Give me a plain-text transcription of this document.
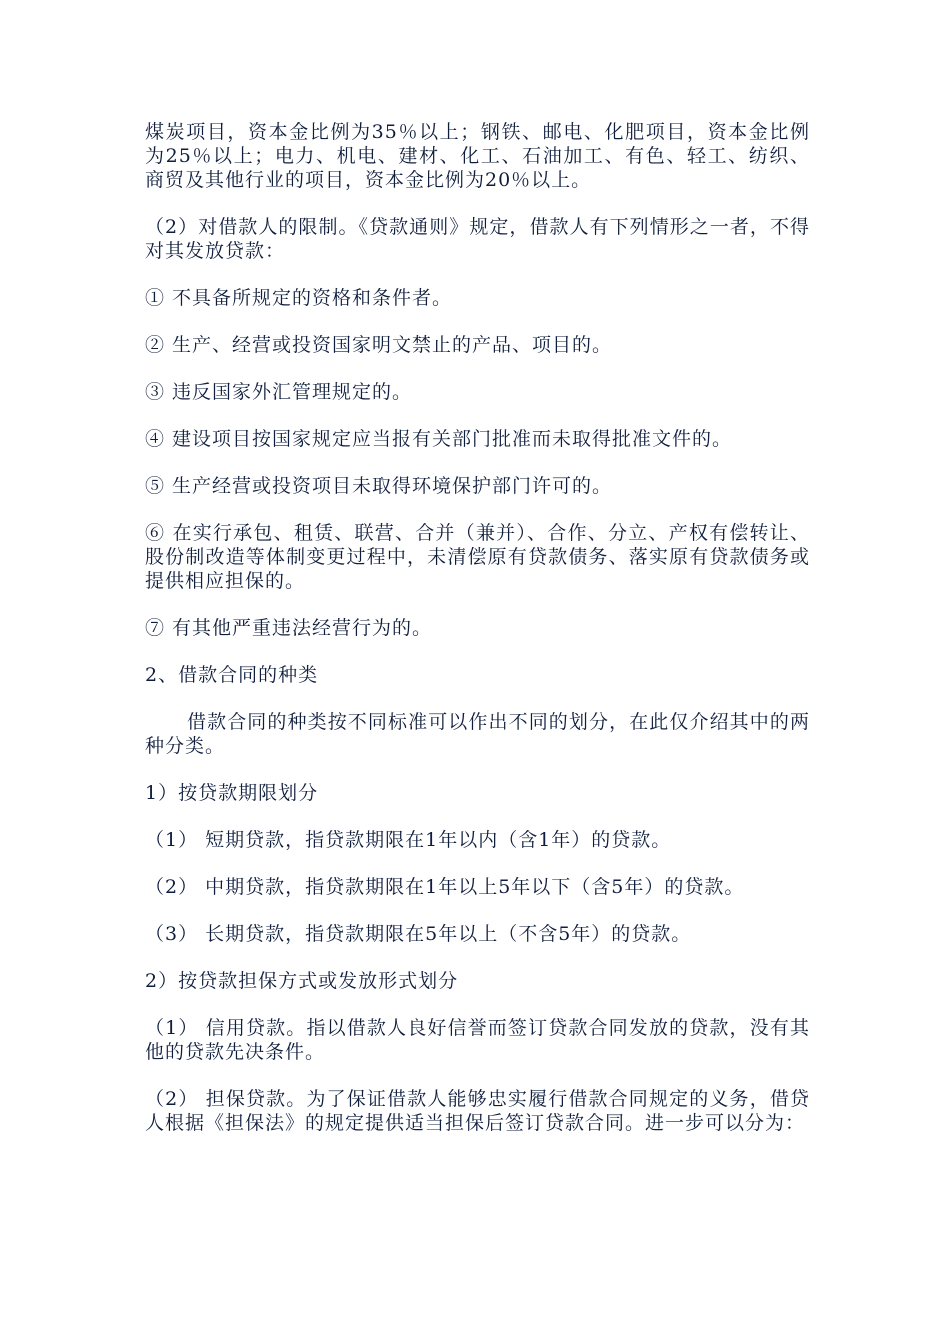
煤炭项目，资本金比例为35％以上；钢铁、邮电、化肥项目，资本金比例为25％以上；电力、机电、建材、化工、石油加工、有色、轻工、纺织、商贸及其他行业的项目，资本金比例为20％以上。

（2）对借款人的限制。《贷款通则》规定，借款人有下列情形之一者，不得对其发放贷款：

① 不具备所规定的资格和条件者。

② 生产、经营或投资国家明文禁止的产品、项目的。

③ 违反国家外汇管理规定的。

④ 建设项目按国家规定应当报有关部门批准而未取得批准文件的。

⑤ 生产经营或投资项目未取得环境保护部门许可的。

⑥ 在实行承包、租赁、联营、合并（兼并）、合作、分立、产权有偿转让、股份制改造等体制变更过程中，未清偿原有贷款债务、落实原有贷款债务或提供相应担保的。

⑦ 有其他严重违法经营行为的。

2、借款合同的种类

借款合同的种类按不同标准可以作出不同的划分，在此仅介绍其中的两种分类。

1）按贷款期限划分

（1） 短期贷款，指贷款期限在1年以内（含1年）的贷款。

（2） 中期贷款，指贷款期限在1年以上5年以下（含5年）的贷款。

（3） 长期贷款，指贷款期限在5年以上（不含5年）的贷款。

2）按贷款担保方式或发放形式划分

（1） 信用贷款。指以借款人良好信誉而签订贷款合同发放的贷款，没有其他的贷款先决条件。

（2） 担保贷款。为了保证借款人能够忠实履行借款合同规定的义务，借贷人根据《担保法》的规定提供适当担保后签订贷款合同。进一步可以分为：
